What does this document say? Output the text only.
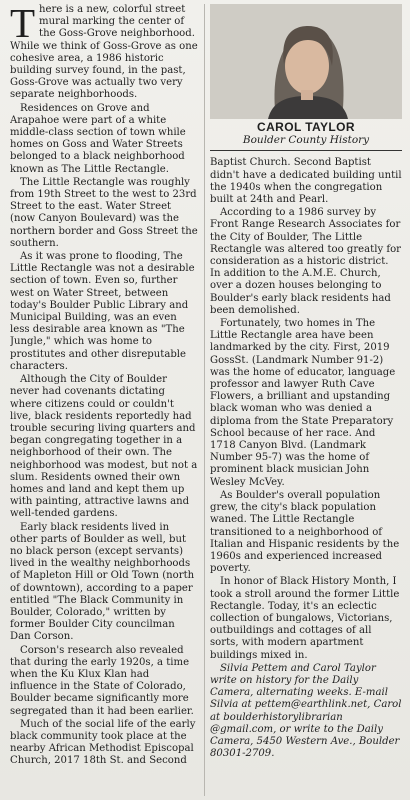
There is a new, colorful street mural marking the center of the Goss-Grove neighborhood. While we think of Goss-Grove as one cohesive area, a 1986 historic building survey found, in the past, Goss-Grove was actually two very separate neighborhoods.

Residences on Grove and Arapahoe were part of a white middle-class section of town while homes on Goss and Water Streets belonged to a black neighborhood known as The Little Rectangle.

The Little Rectangle was roughly from 19th Street to the west to 23rd Street to the east. Water Street (now Canyon Boulevard) was the northern border and Goss Street the southern.

As it was prone to flooding, The Little Rectangle was not a desirable section of town. Even so, further west on Water Street, between today's Boulder Public Library and Municipal Building, was an even less desirable area known as "The Jungle," which was home to prostitutes and other disreputable characters.

Although the City of Boulder never had covenants dictating where citizens could or couldn't live, black residents reportedly had trouble securing living quarters and began congregating together in a neighborhood of their own. The neighborhood was modest, but not a slum. Residents owned their own homes and land and kept them up with painting, attractive lawns and well-tended gardens.

Early black residents lived in other parts of Boulder as well, but no black person (except servants) lived in the wealthy neighborhoods of Mapleton Hill or Old Town (north of downtown), according to a paper entitled "The Black Community in Boulder, Colorado," written by former Boulder City councilman Dan Corson.

Corson's research also revealed that during the early 1920s, a time when the Ku Klux Klan had influence in the State of Colorado, Boulder became significantly more segregated than it had been earlier.

Much of the social life of the early black community took place at the nearby African Methodist Episcopal Church, 2017 18th St. and Second

CAROL TAYLOR
Boulder County History

Baptist Church. Second Baptist didn't have a dedicated building until the 1940s when the congregation built at 24th and Pearl.

According to a 1986 survey by Front Range Research Associates for the City of Boulder, The Little Rectangle was altered too greatly for consideration as a historic district. In addition to the A.M.E. Church, over a dozen houses belonging to Boulder's early black residents had been demolished.

Fortunately, two homes in The Little Rectangle area have been landmarked by the city. First, 2019 GossSt. (Landmark Number 91-2) was the home of educator, language professor and lawyer Ruth Cave Flowers, a brilliant and upstanding black woman who was denied a diploma from the State Preparatory School because of her race. And 1718 Canyon Blvd. (Landmark Number 95-7) was the home of prominent black musician John Wesley McVey.

As Boulder's overall population grew, the city's black population waned. The Little Rectangle transitioned to a neighborhood of Italian and Hispanic residents by the 1960s and experienced increased poverty.

In honor of Black History Month, I took a stroll around the former Little Rectangle. Today, it's an eclectic collection of bungalows, Victorians, outbuildings and cottages of all sorts, with modern apartment buildings mixed in.

Silvia Pettem and Carol Taylor write on history for the Daily Camera, alternating weeks. E-mail Silvia at pettem@earthlink.net, Carol at boulderhistorylibrarian @gmail.com, or write to the Daily Camera, 5450 Western Ave., Boulder 80301-2709.
